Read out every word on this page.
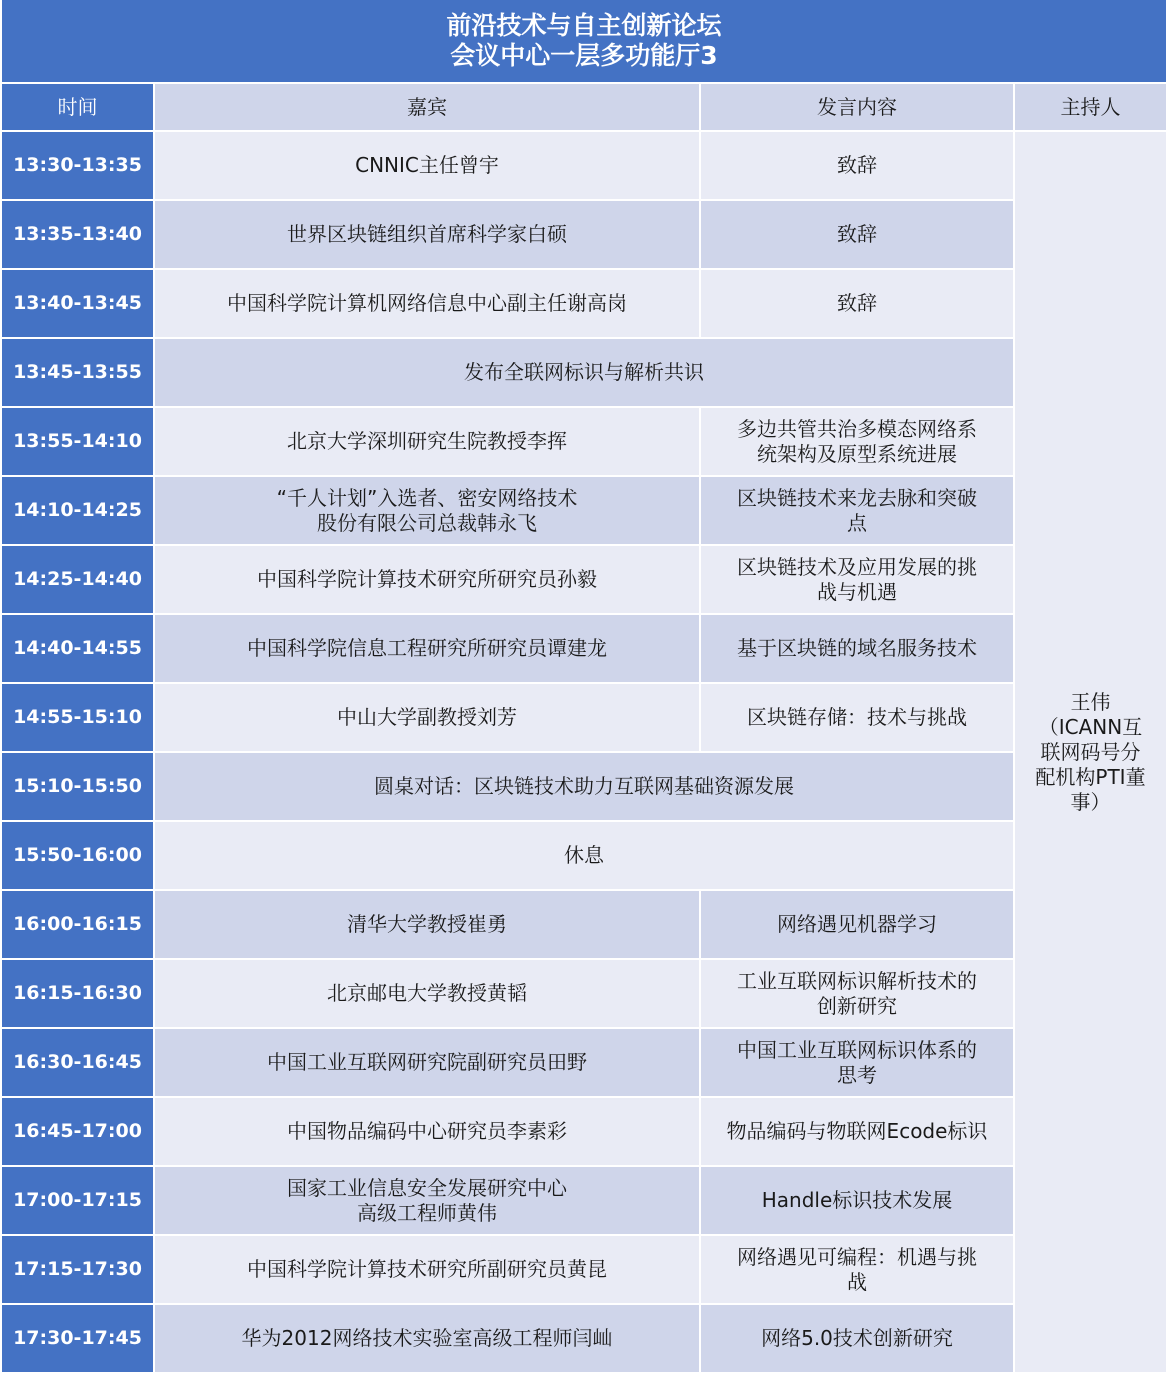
前沿技术与自主创新论坛
会议中心一层多功能厅3			

时间	嘉宾	发言内容	主持人
13:30-13:35	CNNIC主任曾宇	致辞	王伟
（ICANN互
联网码号分
配机构PTI董
事）

13:35-13:40	世界区块链组织首席科学家白硕	致辞	

13:40-13:45	中国科学院计算机网络信息中心副主任谢高岗	致辞	

13:45-13:55	发布全联网标识与解析共识		

13:55-14:10	北京大学深圳研究生院教授李挥	多边共管共治多模态网络系
统架构及原型系统进展	

14:10-14:25	“千人计划”入选者、密安网络技术
股份有限公司总裁韩永飞	区块链技术来龙去脉和突破
点	

14:25-14:40	中国科学院计算技术研究所研究员孙毅	区块链技术及应用发展的挑
战与机遇	

14:40-14:55	中国科学院信息工程研究所研究员谭建龙	基于区块链的域名服务技术	

14:55-15:10	中山大学副教授刘芳	区块链存储：技术与挑战	

15:10-15:50	圆桌对话：区块链技术助力互联网基础资源发展		

15:50-16:00	休息		

16:00-16:15	清华大学教授崔勇	网络遇见机器学习	

16:15-16:30	北京邮电大学教授黄韬	工业互联网标识解析技术的
创新研究	

16:30-16:45	中国工业互联网研究院副研究员田野	中国工业互联网标识体系的
思考	

16:45-17:00	中国物品编码中心研究员李素彩	物品编码与物联网Ecode标识	

17:00-17:15	国家工业信息安全发展研究中心
高级工程师黄伟	Handle标识技术发展	

17:15-17:30	中国科学院计算技术研究所副研究员黄昆	网络遇见可编程：机遇与挑
战	

17:30-17:45	华为2012网络技术实验室高级工程师闫屾	网络5.0技术创新研究	
